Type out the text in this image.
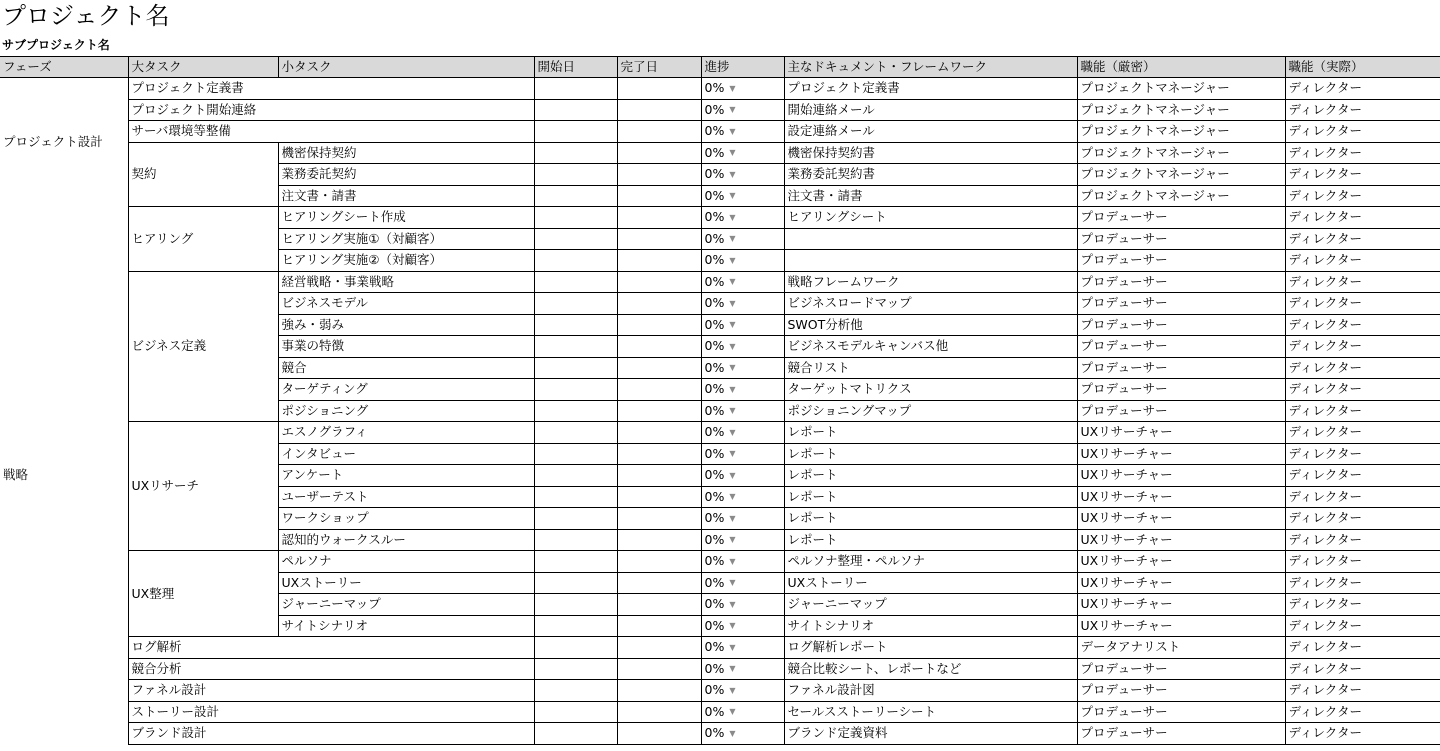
プロジェクト名
サブプロジェクト名
フェーズ	大タスク	小タスク	開始日	完了日	進捗	主なドキュメント・フレームワーク	職能（厳密）	職能（実際）
プロジェクト設計	プロジェクト定義書				0% ▼	プロジェクト定義書	プロジェクトマネージャー	ディレクター
	プロジェクト開始連絡				0% ▼	開始連絡メール	プロジェクトマネージャー	ディレクター
	サーバ環境等整備				0% ▼	設定連絡メール	プロジェクトマネージャー	ディレクター
	契約	機密保持契約			0% ▼	機密保持契約書	プロジェクトマネージャー	ディレクター
		業務委託契約			0% ▼	業務委託契約書	プロジェクトマネージャー	ディレクター
		注文書・請書			0% ▼	注文書・請書	プロジェクトマネージャー	ディレクター
戦略	ヒアリング	ヒアリングシート作成			0% ▼	ヒアリングシート	プロデューサー	ディレクター
		ヒアリング実施①（対顧客）			0% ▼		プロデューサー	ディレクター
		ヒアリング実施②（対顧客）			0% ▼		プロデューサー	ディレクター
	ビジネス定義	経営戦略・事業戦略			0% ▼	戦略フレームワーク	プロデューサー	ディレクター
		ビジネスモデル			0% ▼	ビジネスロードマップ	プロデューサー	ディレクター
		強み・弱み			0% ▼	SWOT分析他	プロデューサー	ディレクター
		事業の特徴			0% ▼	ビジネスモデルキャンバス他	プロデューサー	ディレクター
		競合			0% ▼	競合リスト	プロデューサー	ディレクター
		ターゲティング			0% ▼	ターゲットマトリクス	プロデューサー	ディレクター
		ポジショニング			0% ▼	ポジショニングマップ	プロデューサー	ディレクター
	UXリサーチ	エスノグラフィ			0% ▼	レポート	UXリサーチャー	ディレクター
		インタビュー			0% ▼	レポート	UXリサーチャー	ディレクター
		アンケート			0% ▼	レポート	UXリサーチャー	ディレクター
		ユーザーテスト			0% ▼	レポート	UXリサーチャー	ディレクター
		ワークショップ			0% ▼	レポート	UXリサーチャー	ディレクター
		認知的ウォークスルー			0% ▼	レポート	UXリサーチャー	ディレクター
	UX整理	ペルソナ			0% ▼	ペルソナ整理・ペルソナ	UXリサーチャー	ディレクター
		UXストーリー			0% ▼	UXストーリー	UXリサーチャー	ディレクター
		ジャーニーマップ			0% ▼	ジャーニーマップ	UXリサーチャー	ディレクター
		サイトシナリオ			0% ▼	サイトシナリオ	UXリサーチャー	ディレクター
	ログ解析				0% ▼	ログ解析レポート	データアナリスト	ディレクター
	競合分析				0% ▼	競合比較シート、レポートなど	プロデューサー	ディレクター
	ファネル設計				0% ▼	ファネル設計図	プロデューサー	ディレクター
	ストーリー設計				0% ▼	セールスストーリーシート	プロデューサー	ディレクター
	ブランド設計				0% ▼	ブランド定義資料	プロデューサー	ディレクター
